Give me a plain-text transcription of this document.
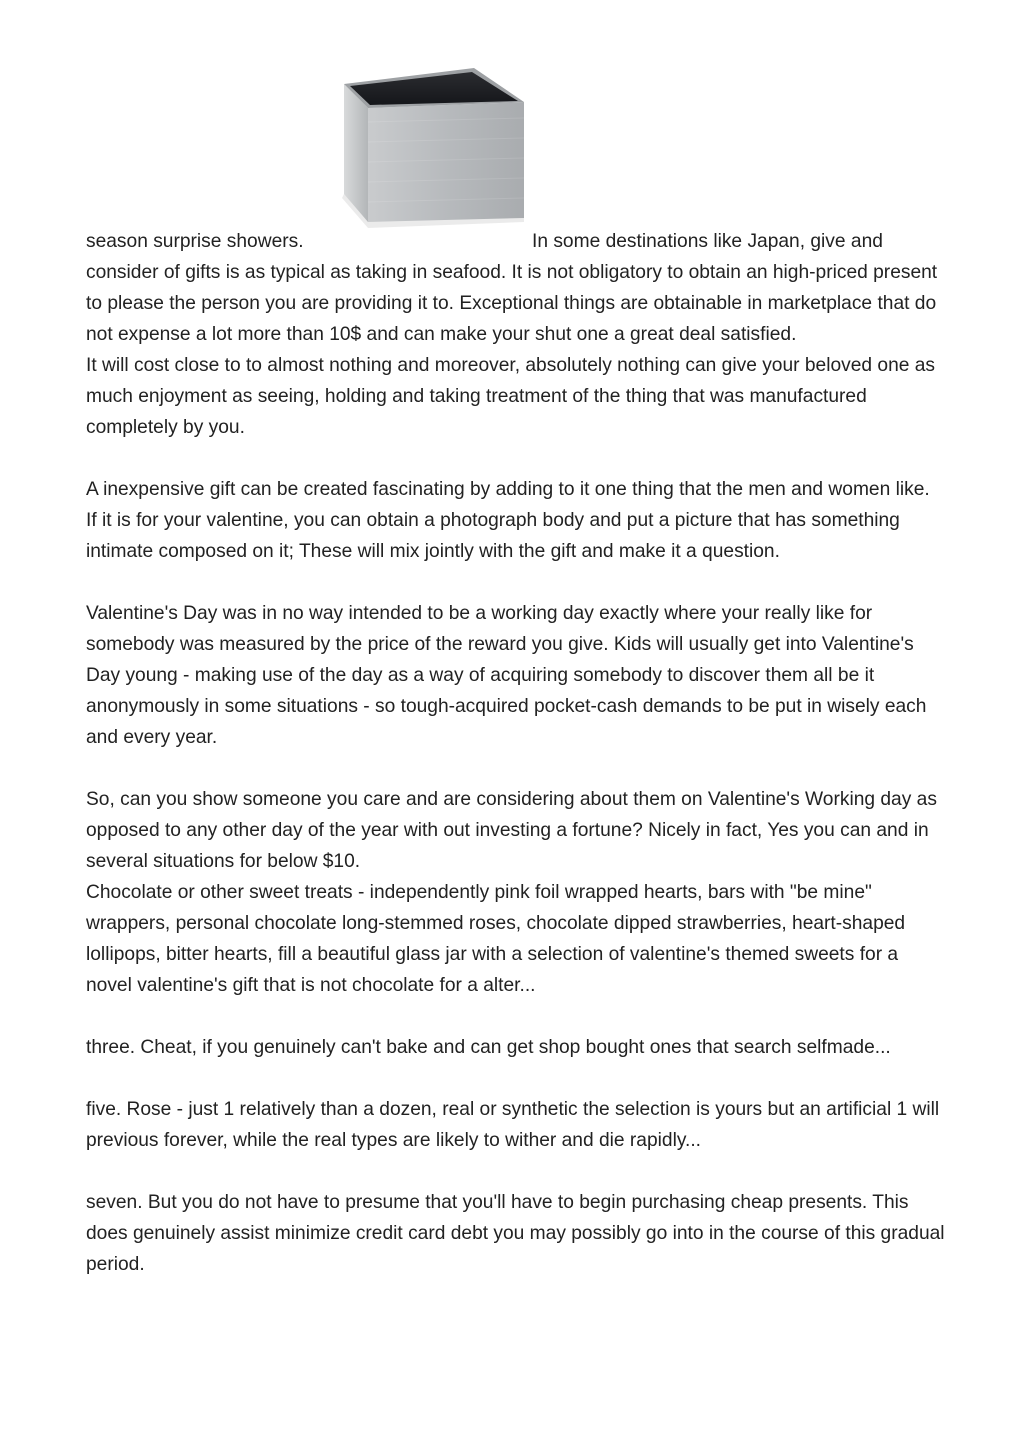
season surprise showers.	In some destinations like Japan, give and

consider of gifts is as typical as taking in seafood. It is not obligatory to obtain an high-priced present to please the person you are providing it to. Exceptional things are obtainable in marketplace that do not expense a lot more than 10$ and can make your shut one a great deal satisfied.

It will cost close to to almost nothing and moreover, absolutely nothing can give your beloved one as much enjoyment as seeing, holding and taking treatment of the thing that was manufactured completely by you.

A inexpensive gift can be created fascinating by adding to it one thing that the men and women like.

If it is for your valentine, you can obtain a photograph body and put a picture that has something intimate composed on it; These will mix jointly with the gift and make it a question.

Valentine's Day was in no way intended to be a working day exactly where your really like for somebody was measured by the price of the reward you give. Kids will usually get into Valentine's Day young - making use of the day as a way of acquiring somebody to discover them all be it anonymously in some situations - so tough-acquired pocket-cash demands to be put in wisely each and every year.

So, can you show someone you care and are considering about them on Valentine's Working day as opposed to any other day of the year with out investing a fortune? Nicely in fact, Yes you can and in several situations for below $10.

Chocolate or other sweet treats - independently pink foil wrapped hearts, bars with "be mine" wrappers, personal chocolate long-stemmed roses, chocolate dipped strawberries, heart-shaped lollipops, bitter hearts, fill a beautiful glass jar with a selection of valentine's themed sweets for a novel valentine's gift that is not chocolate for a alter...

three. Cheat, if you genuinely can't bake and can get shop bought ones that search selfmade...

five. Rose - just 1 relatively than a dozen, real or synthetic the selection is yours but an artificial 1 will previous forever, while the real types are likely to wither and die rapidly...

seven. But you do not have to presume that you'll have to begin purchasing cheap presents. This does genuinely assist minimize credit card debt you may possibly go into in the course of this gradual period.
